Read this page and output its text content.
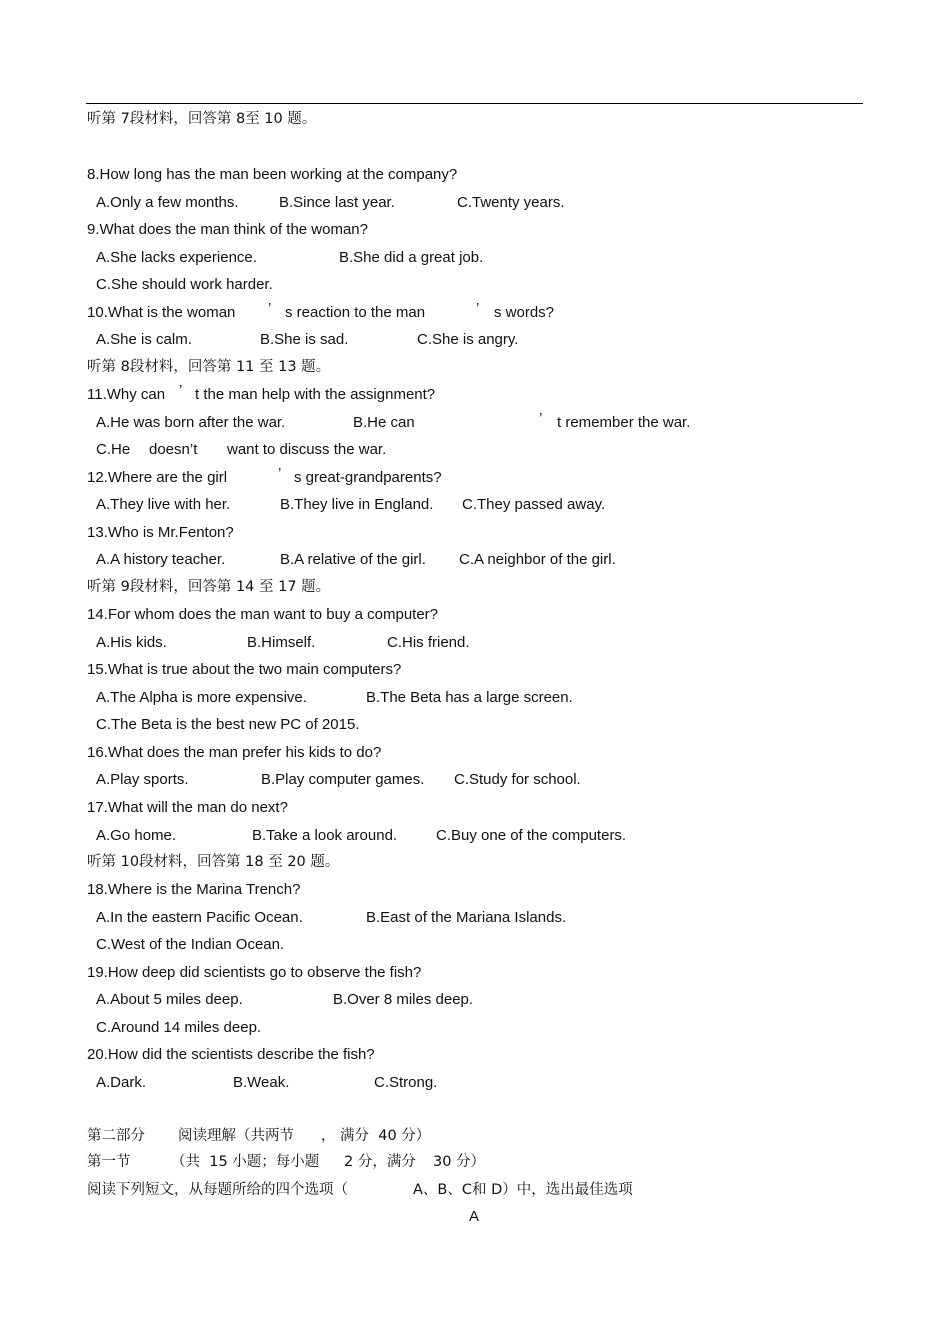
听第 7段材料，回答第 8至 10 题。
8.How long has the man been working at the company?
A.Only a few months.	B.Since last year.	C.Twenty years.
9.What does the man think of the woman?
A.She lacks experience.	B.She did a great job.
C.She should work harder.
10.What is the woman ’ s reaction to the man	’ s words?
A.She is calm.	B.She is sad.	C.She is angry.
听第 8段材料，回答第 11 至 13 题。
11.Why can ’ t the man help with the assignment?
A.He was born after the war.	B.He can	’ t remember the war.
C.He doesn’t want to discuss the war.
12.Where are the girl	’ s great-grandparents?
A.They live with her.	B.They live in England. C.They passed away.
13.Who is Mr.Fenton?
A.A history teacher.	B.A relative of the girl. C.A neighbor of the girl.
听第 9段材料，回答第 14 至 17 题。
14.For whom does the man want to buy a computer?
A.His kids.	B.Himself.	C.His friend.
15.What is true about the two main computers?
A.The Alpha is more expensive.	B.The Beta has a large screen.
C.The Beta is the best new PC of 2015.
16.What does the man prefer his kids to do?
A.Play sports.	B.Play computer games. C.Study for school.
17.What will the man do next?
A.Go home.	B.Take a look around.	C.Buy one of the computers.
听第 10段材料，回答第 18 至 20 题。
18.Where is the Marina Trench?
A.In the eastern Pacific Ocean.	B.East of the Mariana Islands.
C.West of the Indian Ocean.
19.How deep did scientists go to observe the fish?
A.About 5 miles deep.	B.Over 8 miles deep.
C.Around 14 miles deep.
20.How did the scientists describe the fish?
A.Dark.	B.Weak.	C.Strong.
第二部分 阅读理解（共两节 ， 满分  40 分）
第一节	（共  15 小题；每小题 2 分，满分 30 分）
阅读下列短文，从每题所给的四个选项（	A、B、C和 D）中，选出最佳选项
A
